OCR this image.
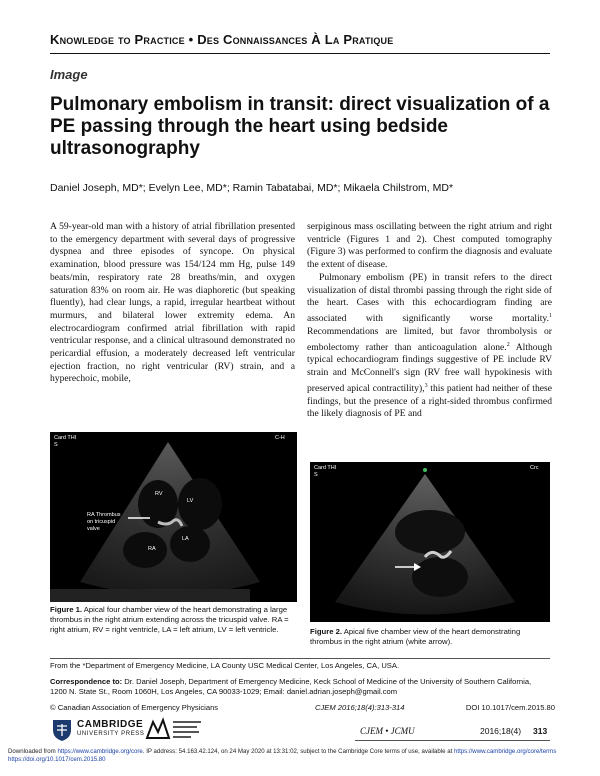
Knowledge to Practice • Des Connaissances À La Pratique
Image
Pulmonary embolism in transit: direct visualization of a PE passing through the heart using bedside ultrasonography
Daniel Joseph, MD*; Evelyn Lee, MD*; Ramin Tabatabai, MD*; Mikaela Chilstrom, MD*

A 59-year-old man with a history of atrial fibrillation presented to the emergency department with several days of progressive dyspnea and three episodes of syncope. On physical examination, blood pressure was 154/124 mm Hg, pulse 149 beats/min, respiratory rate 28 breaths/min, and oxygen saturation 83% on room air. He was diaphoretic (but speaking fluently), had clear lungs, a rapid, irregular heartbeat without murmurs, and bilateral lower extremity edema. An electrocardiogram confirmed atrial fibrillation with rapid ventricular response, and a clinical ultrasound demonstrated no pericardial effusion, a moderately decreased left ventricular ejection fraction, no right ventricular (RV) strain, and a hyperechoic, mobile,

serpiginous mass oscillating between the right atrium and right ventricle (Figures 1 and 2). Chest computed tomography (Figure 3) was performed to confirm the diagnosis and evaluate the extent of disease.

Pulmonary embolism (PE) in transit refers to the direct visualization of distal thrombi passing through the right side of the heart. Cases with this echocardiogram finding are associated with significantly worse mortality.$^1$ Recommendations are limited, but favor thrombolysis or embolectomy rather than anticoagulation alone.$^2$ Although typical echocardiogram findings suggestive of PE include RV strain and McConnell's sign (RV free wall hypokinesis with preserved apical contractility),$^3$ this patient had neither of these findings, but the presence of a right-sided thrombus confirmed the likely diagnosis of PE and

Card THI
S
C-H
RV
LV
LA
RA
RA Thrombus
on tricuspid
valve
Figure 1. Apical four chamber view of the heart demonstrating a large thrombus in the right atrium extending across the tricuspid valve. RA = right atrium, RV = right ventricle, LA = left atrium, LV = left ventricle.
Card THI
S
Crc
Figure 2. Apical five chamber view of the heart demonstrating thrombus in the right atrium (white arrow).
From the *Department of Emergency Medicine, LA County USC Medical Center, Los Angeles, CA, USA.
Correspondence to: Dr. Daniel Joseph, Department of Emergency Medicine, Keck School of Medicine of the University of Southern California, 1200 N. State St., Room 1060H, Los Angeles, CA 90033-1029; Email: daniel.adrian.joseph@gmail.com
© Canadian Association of Emergency Physicians	CJEM 2016;18(4):313-314	DOI 10.1017/cem.2015.80
CAMBRIDGE
UNIVERSITY PRESS	CJEM • JCMU	2016;18(4) 313
Downloaded from https://www.cambridge.org/core. IP address: 54.163.42.124, on 24 May 2020 at 13:31:02, subject to the Cambridge Core terms of use, available at https://www.cambridge.org/core/terms
https://doi.org/10.1017/cem.2015.80
